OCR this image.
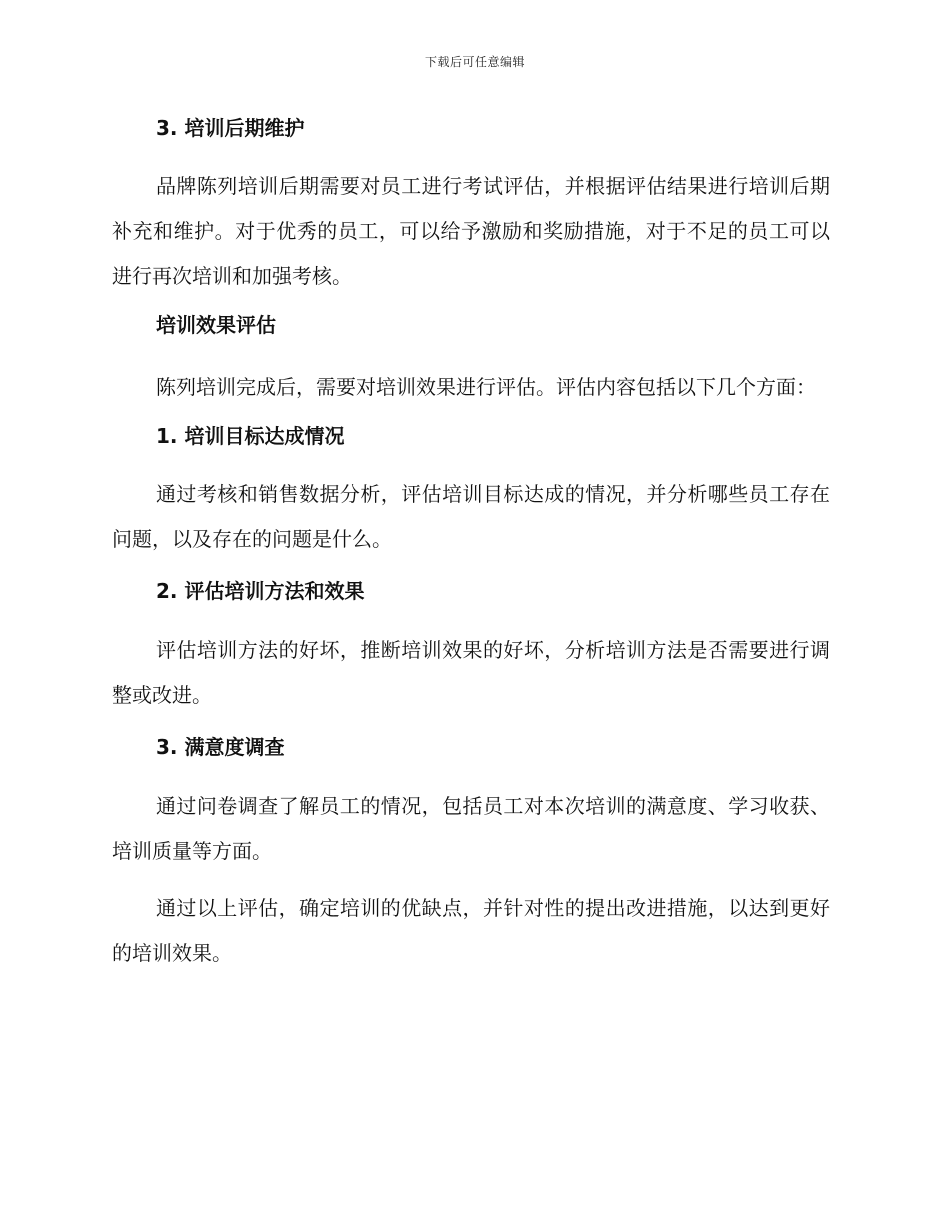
下载后可任意编辑

3. 培训后期维护

品牌陈列培训后期需要对员工进行考试评估，并根据评估结果进行培训后期补充和维护。对于优秀的员工，可以给予激励和奖励措施，对于不足的员工可以进行再次培训和加强考核。

培训效果评估

陈列培训完成后，需要对培训效果进行评估。评估内容包括以下几个方面：

1. 培训目标达成情况

通过考核和销售数据分析，评估培训目标达成的情况，并分析哪些员工存在问题，以及存在的问题是什么。

2. 评估培训方法和效果

评估培训方法的好坏，推断培训效果的好坏，分析培训方法是否需要进行调整或改进。

3. 满意度调查

通过问卷调查了解员工的情况，包括员工对本次培训的满意度、学习收获、培训质量等方面。

通过以上评估，确定培训的优缺点，并针对性的提出改进措施，以达到更好的培训效果。
